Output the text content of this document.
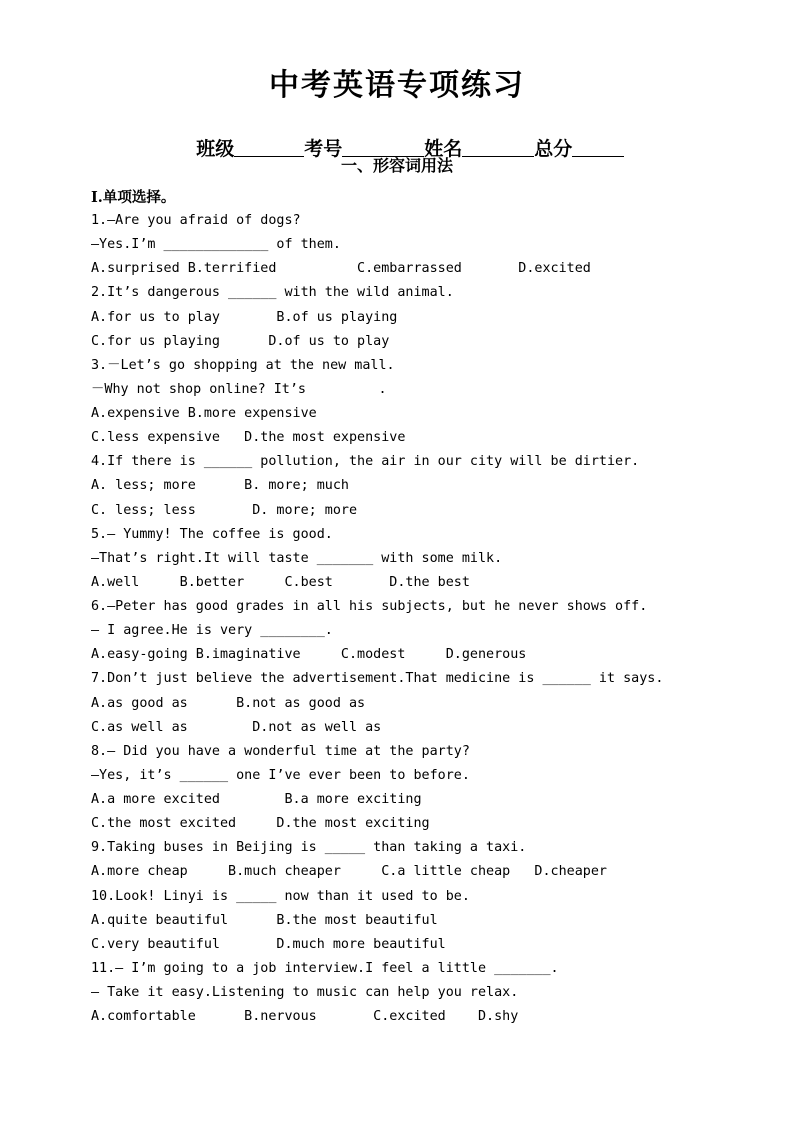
中考英语专项练习

班级	考号	姓名	总分

一、形容词用法
I.单项选择。
1.—Are you afraid of dogs?
—Yes.I’m _____________ of them.
A.surprised B.terrified          C.embarrassed       D.excited
2.It’s dangerous ______ with the wild animal.
A.for us to play       B.of us playing
C.for us playing      D.of us to play
3.－Let’s go shopping at the new mall.
－Why not shop online? It’s         .
A.expensive B.more expensive
C.less expensive   D.the most expensive
4.If there is ______ pollution, the air in our city will be dirtier.
A. less; more      B. more; much
C. less; less       D. more; more
5.— Yummy! The coffee is good.
—That’s right.It will taste _______ with some milk.
A.well     B.better     C.best       D.the best
6.—Peter has good grades in all his subjects, but he never shows off.
— I agree.He is very ________.
A.easy-going B.imaginative     C.modest     D.generous
7.Don’t just believe the advertisement.That medicine is ______ it says.
A.as good as      B.not as good as
C.as well as        D.not as well as
8.— Did you have a wonderful time at the party?
—Yes, it’s ______ one I’ve ever been to before.
A.a more excited        B.a more exciting
C.the most excited     D.the most exciting
9.Taking buses in Beijing is _____ than taking a taxi.
A.more cheap     B.much cheaper     C.a little cheap   D.cheaper
10.Look! Linyi is _____ now than it used to be.
A.quite beautiful      B.the most beautiful
C.very beautiful       D.much more beautiful
11.— I’m going to a job interview.I feel a little _______.
— Take it easy.Listening to music can help you relax.
A.comfortable      B.nervous       C.excited    D.shy
